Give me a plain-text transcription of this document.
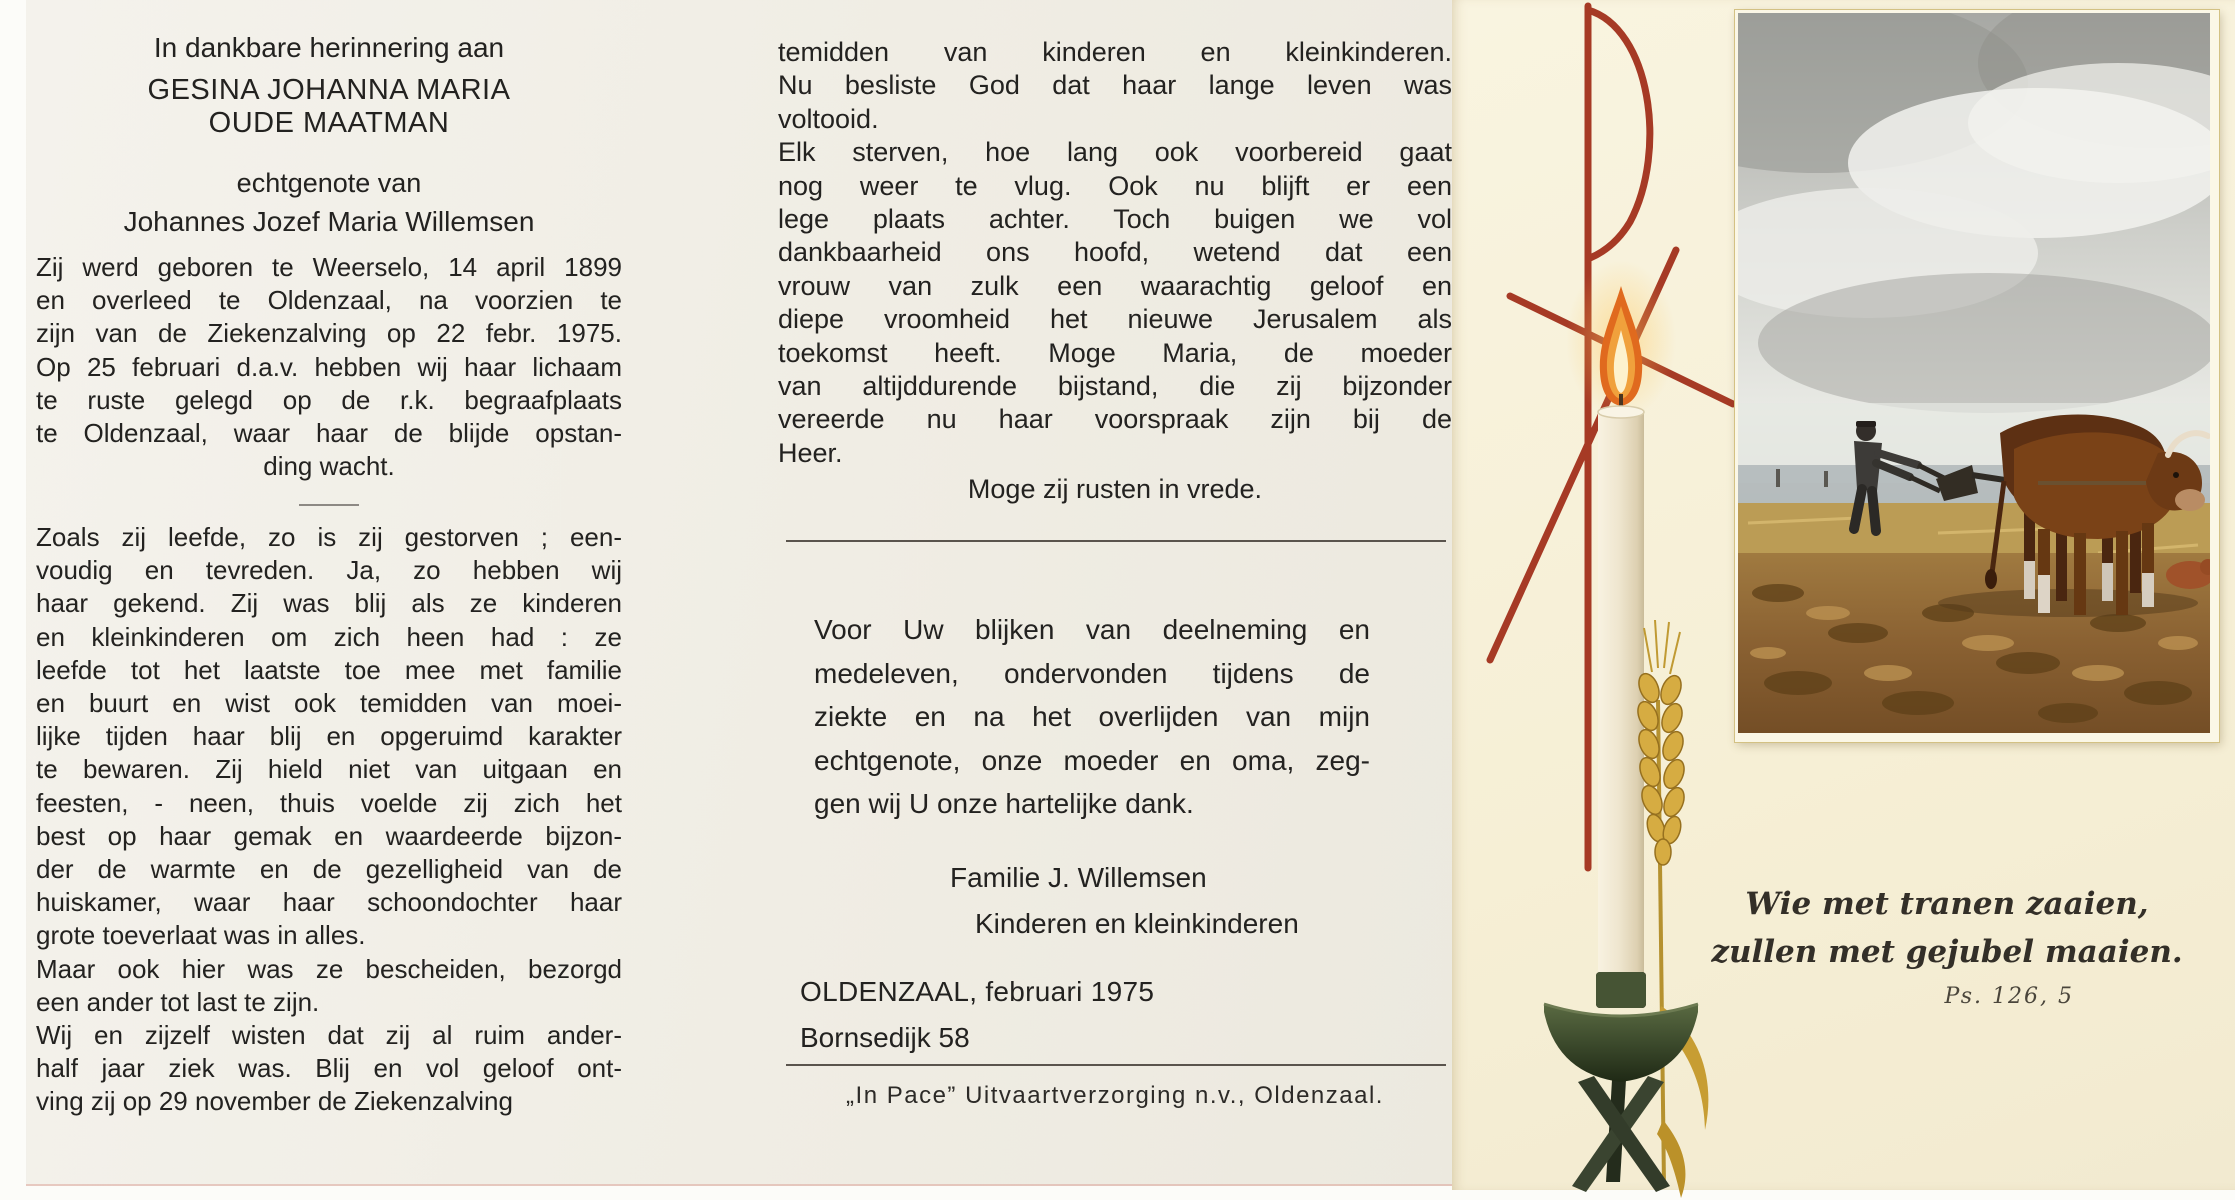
In dankbare herinnering aan
GESINA JOHANNA MARIA
OUDE MAATMAN
echtgenote van
Johannes Jozef Maria Willemsen
Zij werd geboren te Weerselo, 14 april 1899
en overleed te Oldenzaal, na voorzien te
zijn van de Ziekenzalving op 22 febr. 1975.
Op 25 februari d.a.v. hebben wij haar lichaam
te ruste gelegd op de r.k. begraafplaats
te Oldenzaal, waar haar de blijde opstan-
ding wacht.
Zoals zij leefde, zo is zij gestorven ; een-
voudig en tevreden. Ja, zo hebben wij
haar gekend. Zij was blij als ze kinderen
en kleinkinderen om zich heen had : ze
leefde tot het laatste toe mee met familie
en buurt en wist ook temidden van moei-
lijke tijden haar blij en opgeruimd karakter
te bewaren. Zij hield niet van uitgaan en
feesten, - neen, thuis voelde zij zich het
best op haar gemak en waardeerde bijzon-
der de warmte en de gezelligheid van de
huiskamer, waar haar schoondochter haar
grote toeverlaat was in alles.
Maar ook hier was ze bescheiden, bezorgd
een ander tot last te zijn.
Wij en zijzelf wisten dat zij al ruim ander-
half jaar ziek was. Blij en vol geloof ont-
ving zij op 29 november de Ziekenzalving
temidden van kinderen en kleinkinderen.
Nu besliste God dat haar lange leven was
voltooid.
Elk sterven, hoe lang ook voorbereid gaat
nog weer te vlug. Ook nu blijft er een
lege plaats achter. Toch buigen we vol
dankbaarheid ons hoofd, wetend dat een
vrouw van zulk een waarachtig geloof en
diepe vroomheid het nieuwe Jerusalem als
toekomst heeft. Moge Maria, de moeder
van altijddurende bijstand, die zij bijzonder
vereerde nu haar voorspraak zijn bij de
Heer.
Moge zij rusten in vrede.
Voor Uw blijken van deelneming en
medeleven, ondervonden tijdens de
ziekte en na het overlijden van mijn
echtgenote, onze moeder en oma, zeg-
gen wij U onze hartelijke dank.
Familie J. Willemsen
Kinderen en kleinkinderen
OLDENZAAL, februari 1975
Bornsedijk 58
„In Pace” Uitvaartverzorging n.v., Oldenzaal.
Wie met tranen zaaien,
zullen met gejubel maaien.
Ps. 126, 5
